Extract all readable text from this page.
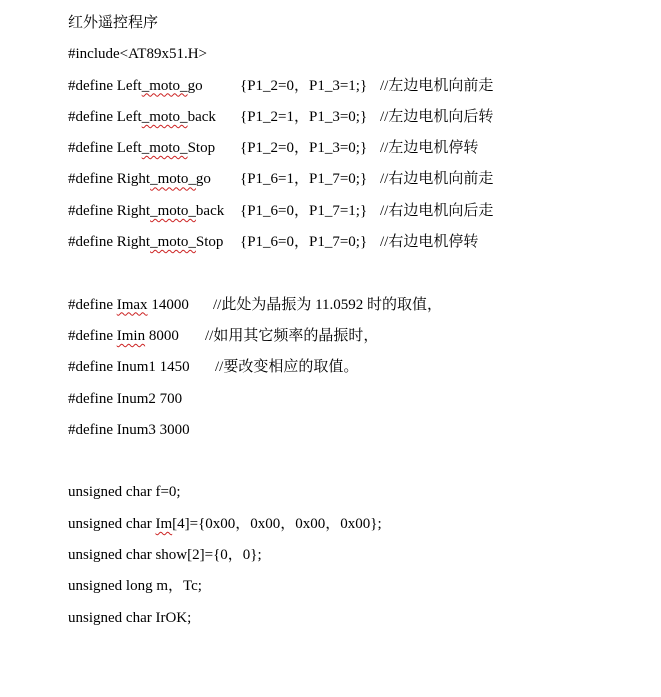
红外遥控程序

#include<AT89x51.H>

#define Left_moto_go

{P1_2=0，P1_3=1;}

//左边电机向前走

#define Left_moto_back

{P1_2=1，P1_3=0;}

//左边电机向后转

#define Left_moto_Stop

{P1_2=0，P1_3=0;}

//左边电机停转

#define Right_moto_go

{P1_6=1，P1_7=0;}

//右边电机向前走

#define Right_moto_back

{P1_6=0，P1_7=1;}

//右边电机向后走

#define Right_moto_Stop

{P1_6=0，P1_7=0;}

//右边电机停转

#define Imax 14000

//此处为晶振为 11.0592 时的取值，

#define Imin 8000

//如用其它频率的晶振时，

#define Inum1 1450

//要改变相应的取值。

#define Inum2 700

#define Inum3 3000

unsigned char f=0;

unsigned char Im[4]={0x00，0x00，0x00，0x00};

unsigned char show[2]={0，0};

unsigned long m，Tc;

unsigned char IrOK;
